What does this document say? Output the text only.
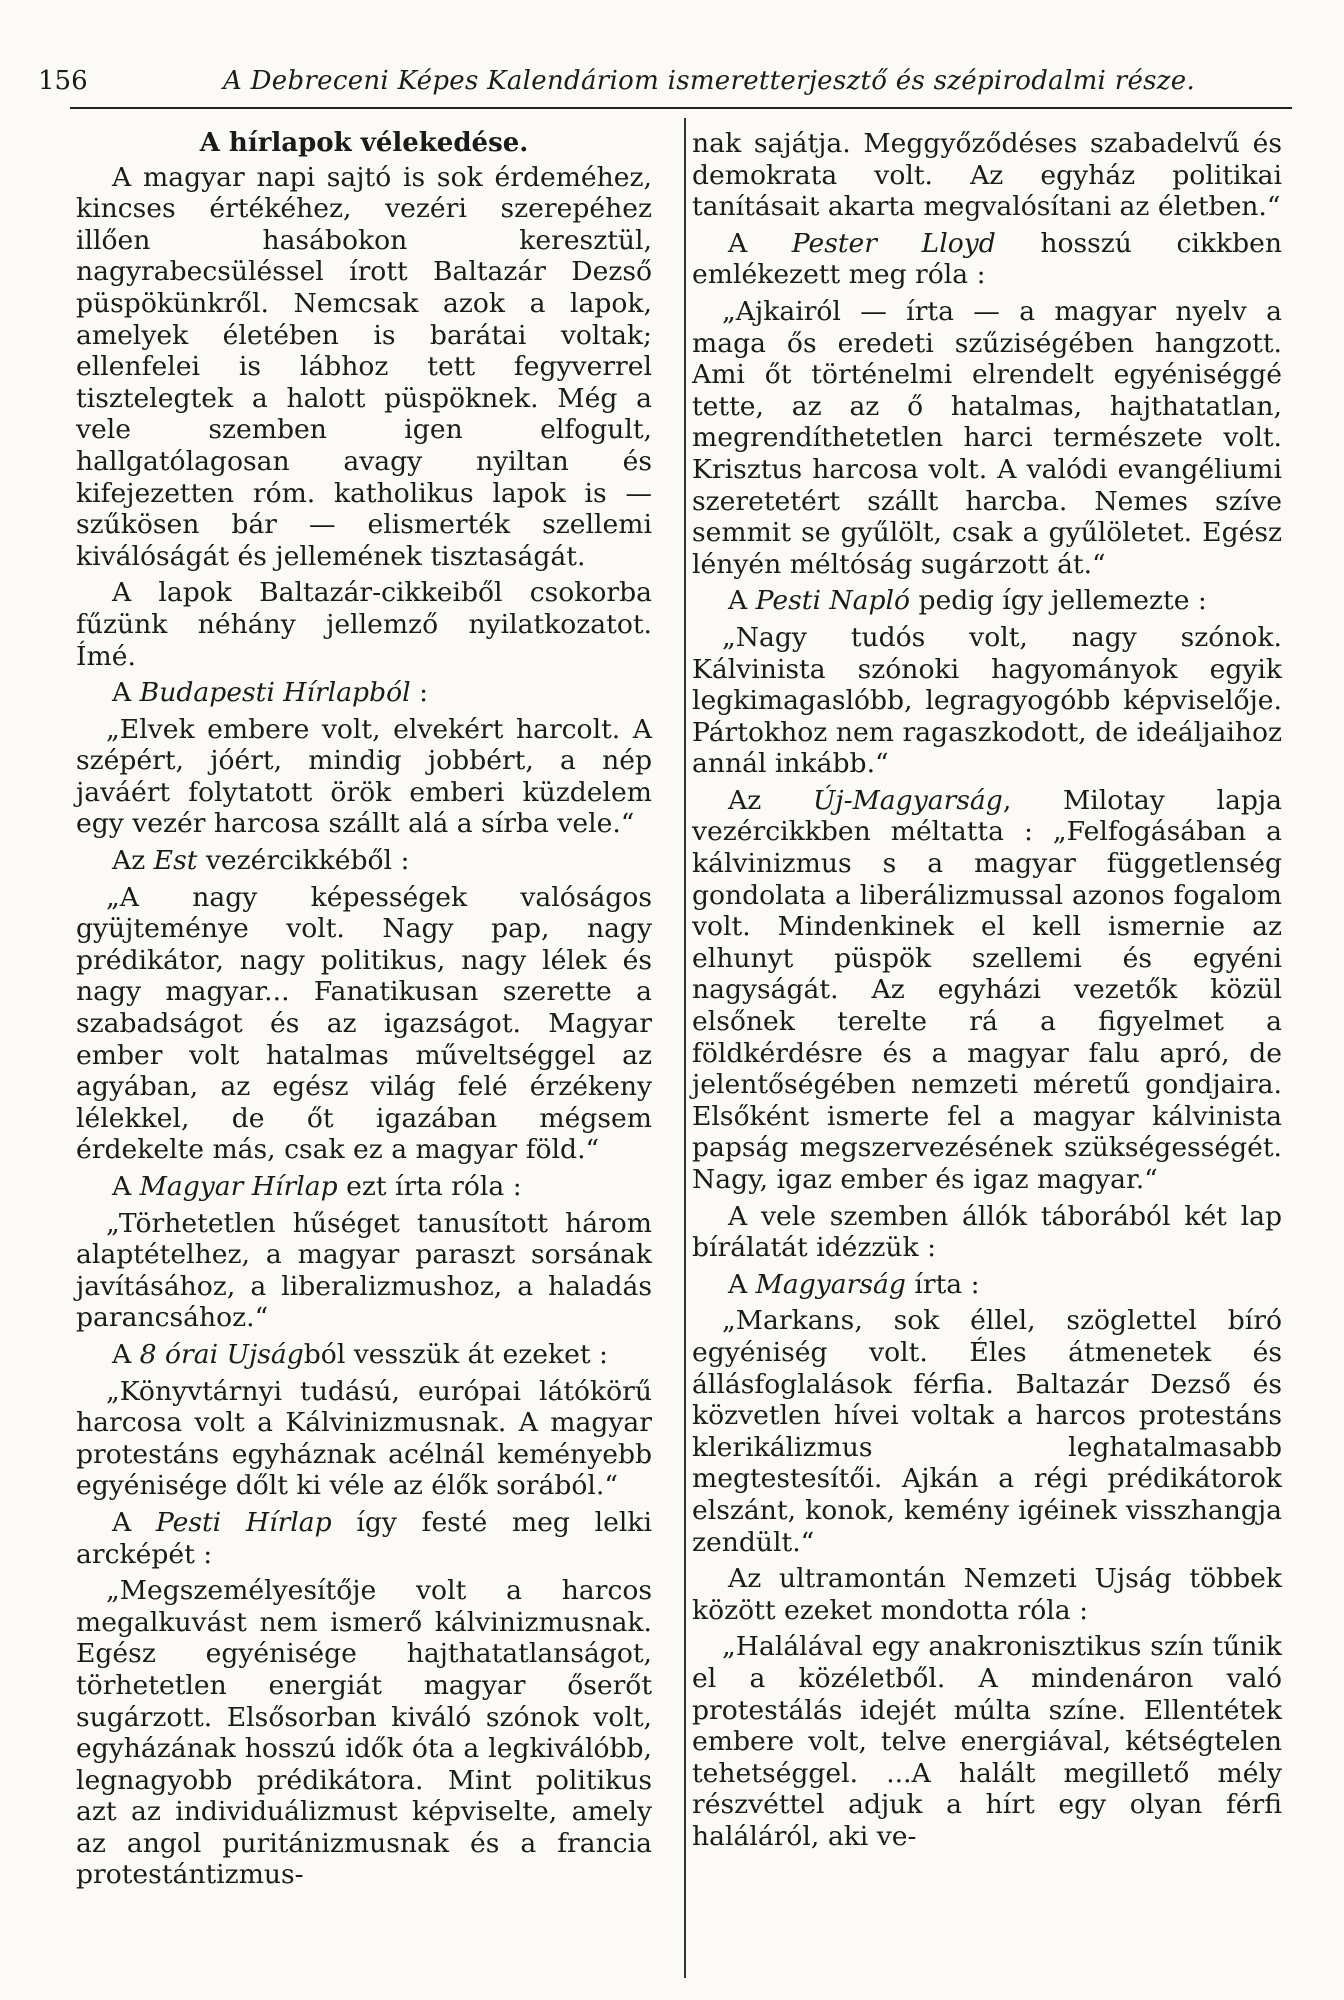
156	A Debreceni Képes Kalendáriom ismeretterjesztő és szépirodalmi része.

A hírlapok vélekedése.

A magyar napi sajtó is sok érdeméhez, kincses értékéhez, vezéri szerepéhez illően hasábokon keresztül, nagyrabecsüléssel írott Baltazár Dezső püspökünkről. Nemcsak azok a lapok, amelyek életében is barátai voltak; ellenfelei is lábhoz tett fegyverrel tisztelegtek a halott püspöknek. Még a vele szemben igen elfogult, hallgatólagosan avagy nyiltan és kifejezetten róm. katholikus lapok is — szűkösen bár — elismerték szellemi kiválóságát és jellemének tisztaságát.

A lapok Baltazár-cikkeiből csokorba fűzünk néhány jellemző nyilatkozatot. Ímé.

A Budapesti Hírlapból :

„Elvek embere volt, elvekért harcolt. A szépért, jóért, mindig jobbért, a nép javáért folytatott örök emberi küzdelem egy vezér harcosa szállt alá a sírba vele.“

Az Est vezércikkéből :

„A nagy képességek valóságos gyüjteménye volt. Nagy pap, nagy prédikátor, nagy politikus, nagy lélek és nagy magyar... Fanatikusan szerette a szabadságot és az igazságot. Magyar ember volt hatalmas műveltséggel az agyában, az egész világ felé érzékeny lélekkel, de őt igazában mégsem érdekelte más, csak ez a magyar föld.“

A Magyar Hírlap ezt írta róla :

„Törhetetlen hűséget tanusított három alaptételhez, a magyar paraszt sorsának javításához, a liberalizmushoz, a haladás parancsához.“

A 8 órai Ujságból vesszük át ezeket :

„Könyvtárnyi tudású, európai látókörű harcosa volt a Kálvinizmusnak. A magyar protestáns egyháznak acélnál keményebb egyénisége dőlt ki véle az élők sorából.“

A Pesti Hírlap így festé meg lelki arcképét :

„Megszemélyesítője volt a harcos megalkuvást nem ismerő kálvinizmusnak. Egész egyénisége hajthatatlanságot, törhetetlen energiát magyar őserőt sugárzott. Elsősorban kiváló szónok volt, egyházának hosszú idők óta a legkiválóbb, legnagyobb prédikátora. Mint politikus azt az individuálizmust képviselte, amely az angol puritánizmusnak és a francia protestántizmus-

nak sajátja. Meggyőződéses szabadelvű és demokrata volt. Az egyház politikai tanításait akarta megvalósítani az életben.“

A Pester Lloyd hosszú cikkben emlékezett meg róla :

„Ajkairól — írta — a magyar nyelv a maga ős eredeti szűziségében hangzott. Ami őt történelmi elrendelt egyéniséggé tette, az az ő hatalmas, hajthatatlan, megrendíthetetlen harci természete volt. Krisztus harcosa volt. A valódi evangéliumi szeretetért szállt harcba. Nemes szíve semmit se gyűlölt, csak a gyűlöletet. Egész lényén méltóság sugárzott át.“

A Pesti Napló pedig így jellemezte :

„Nagy tudós volt, nagy szónok. Kálvinista szónoki hagyományok egyik legkimagaslóbb, legragyogóbb képviselője. Pártokhoz nem ragaszkodott, de ideáljaihoz annál inkább.“

Az Új-Magyarság, Milotay lapja vezércikkben méltatta : „Felfogásában a kálvinizmus s a magyar függetlenség gondolata a liberálizmussal azonos fogalom volt. Mindenkinek el kell ismernie az elhunyt püspök szellemi és egyéni nagyságát. Az egyházi vezetők közül elsőnek terelte rá a figyelmet a földkérdésre és a magyar falu apró, de jelentőségében nemzeti méretű gondjaira. Elsőként ismerte fel a magyar kálvinista papság megszervezésének szükségességét. Nagy, igaz ember és igaz magyar.“

A vele szemben állók táborából két lap bírálatát idézzük :

A Magyarság írta :

„Markans, sok éllel, szöglettel bíró egyéniség volt. Éles átmenetek és állásfoglalások férfia. Baltazár Dezső és közvetlen hívei voltak a harcos protestáns klerikálizmus leghatalmasabb megtestesítői. Ajkán a régi prédikátorok elszánt, konok, kemény igéinek visszhangja zendült.“

Az ultramontán Nemzeti Ujság többek között ezeket mondotta róla :

„Halálával egy anakronisztikus szín tűnik el a közéletből. A mindenáron való protestálás idejét múlta színe. Ellentétek embere volt, telve energiával, kétségtelen tehetséggel. ...A halált megillető mély részvéttel adjuk a hírt egy olyan férfi haláláról, aki ve-
